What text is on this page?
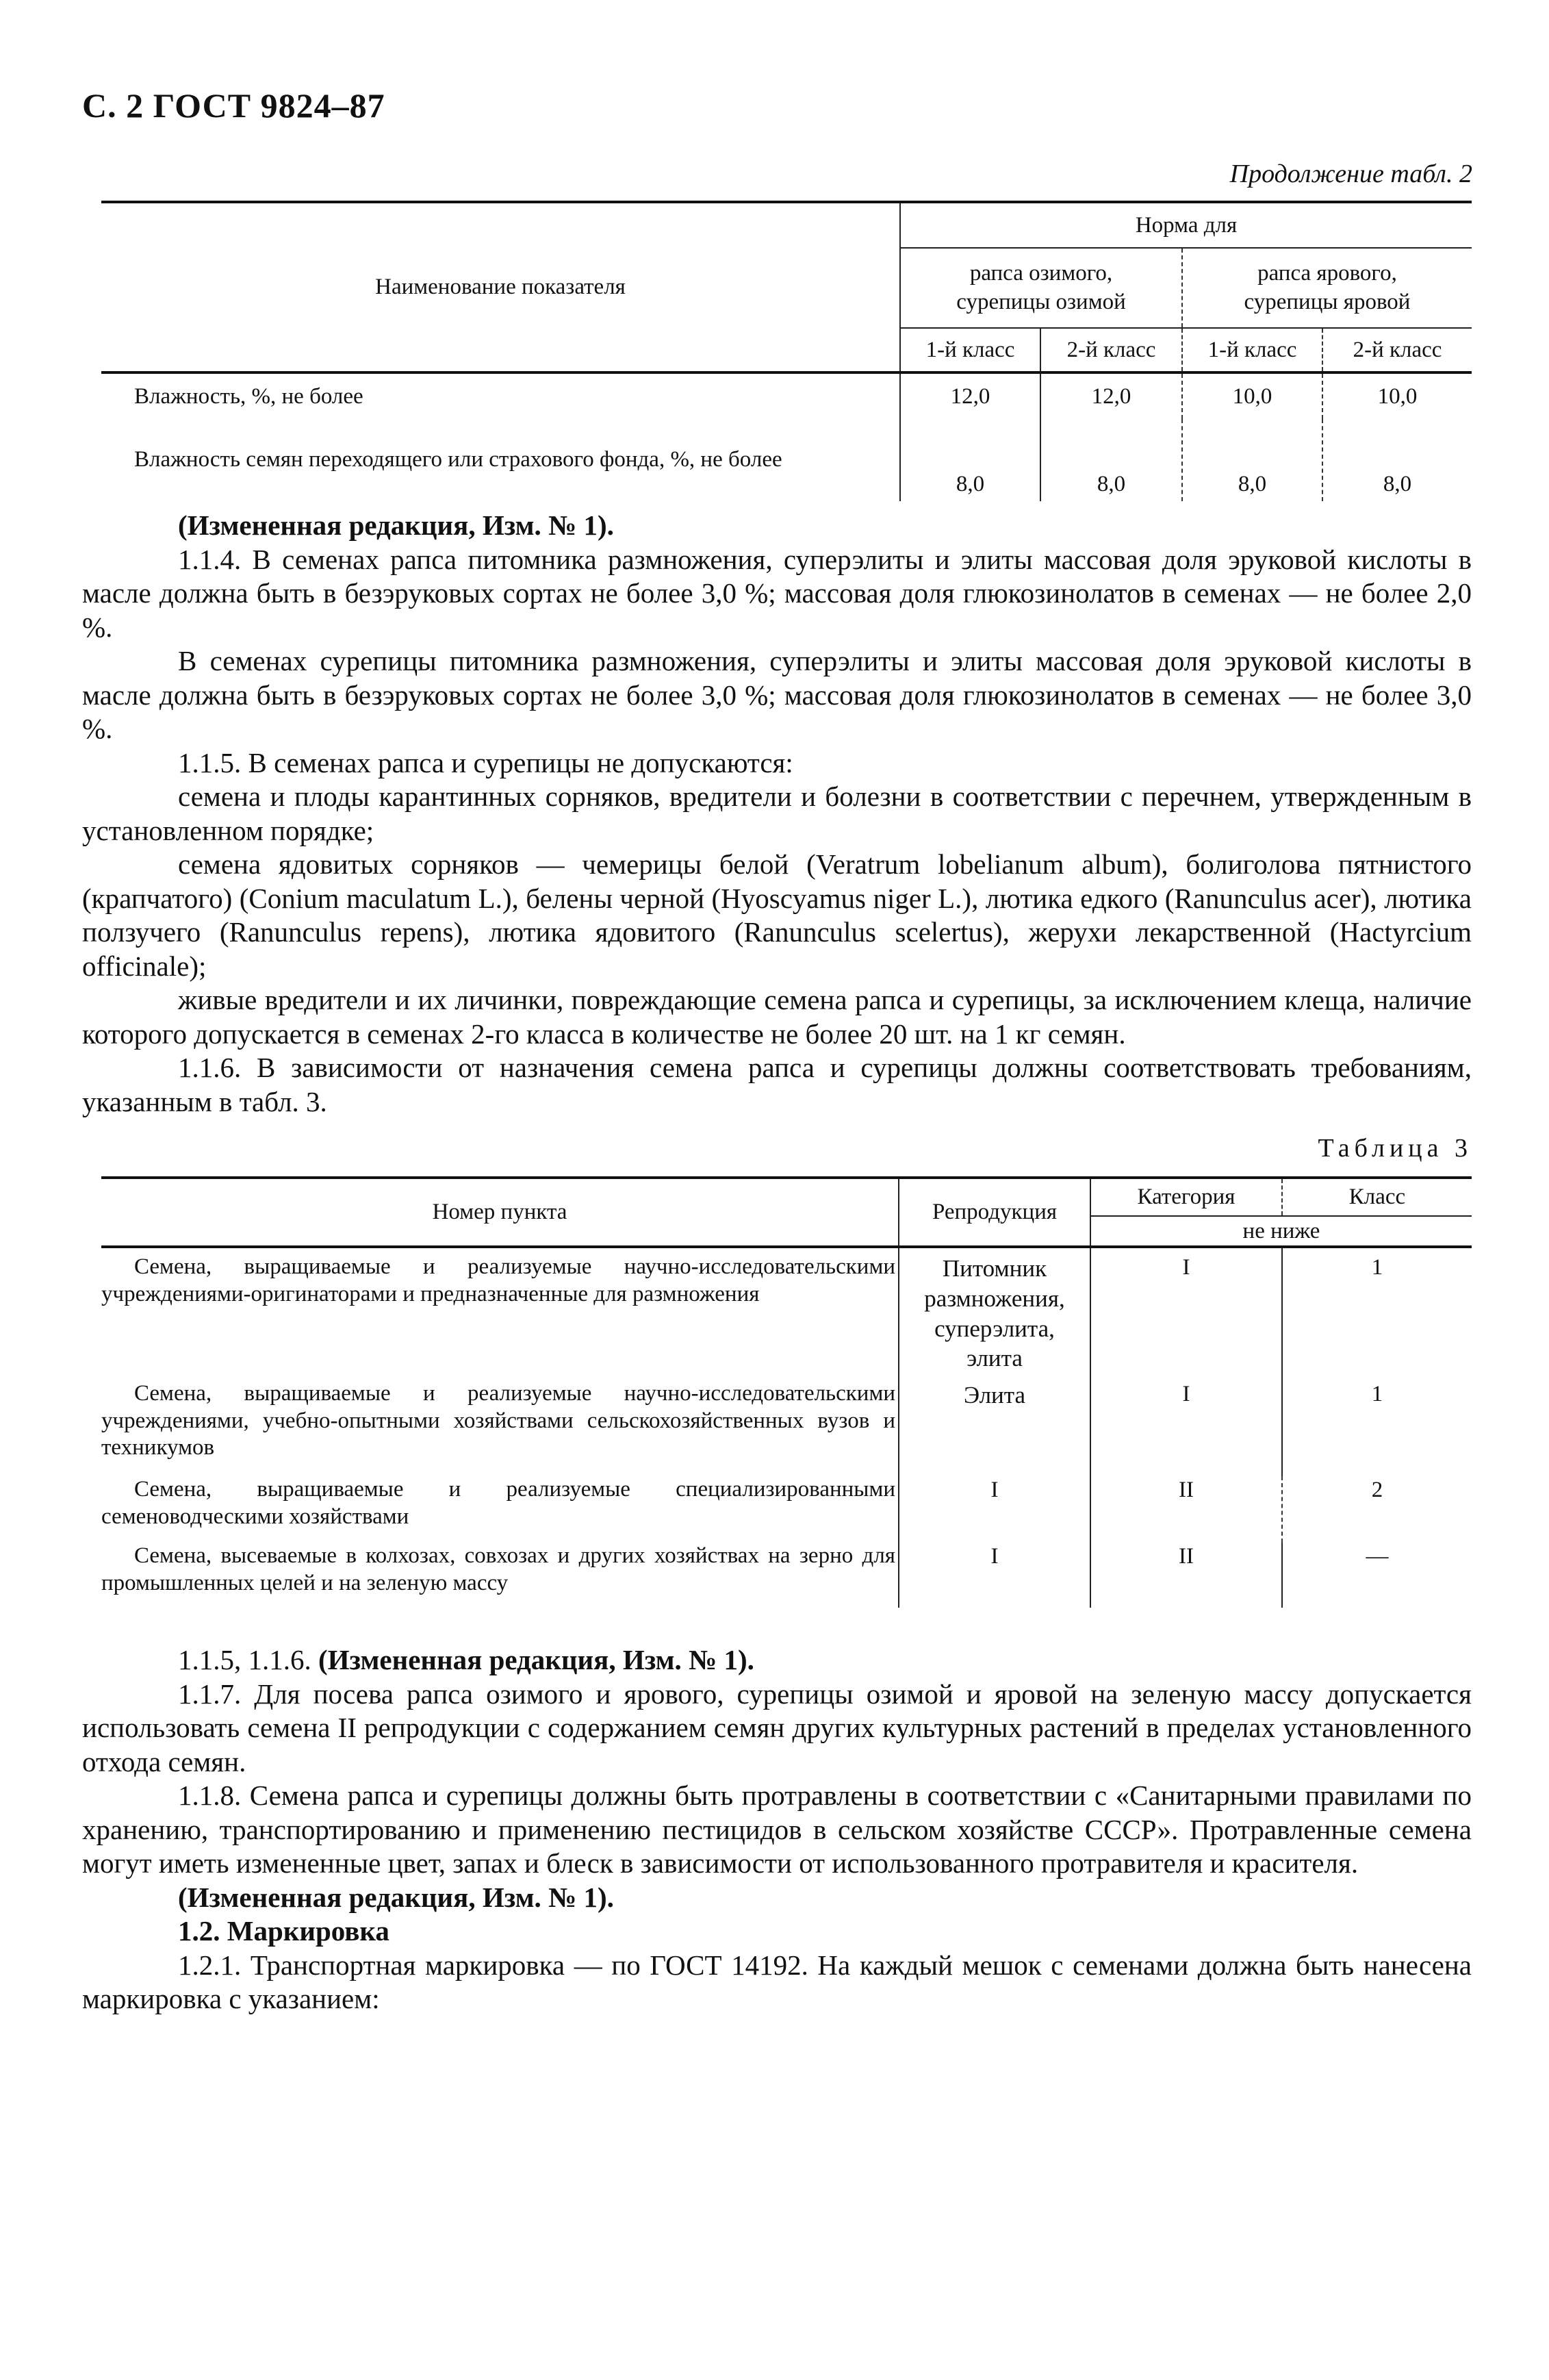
С. 2 ГОСТ 9824–87
Продолжение табл. 2
Наименование показателя	Норма для			
	рапса озимого, сурепицы озимой		рапса ярового, сурепицы яровой	
	1-й класс	2-й класс	1-й класс	2-й класс
Влажность, %, не более	12,0	12,0	10,0	10,0

Влажность семян переходящего или страхового фонда, %, не более	8,0	8,0	8,0	8,0

(Измененная редакция, Изм. № 1).

1.1.4. В семенах рапса питомника размножения, суперэлиты и элиты массовая доля эруковой кислоты в масле должна быть в безэруковых сортах не более 3,0 %; массовая доля глюкозинолатов в семенах — не более 2,0 %.

В семенах сурепицы питомника размножения, суперэлиты и элиты массовая доля эруковой кислоты в масле должна быть в безэруковых сортах не более 3,0 %; массовая доля глюкозинолатов в семенах — не более 3,0 %.

1.1.5. В семенах рапса и сурепицы не допускаются:

семена и плоды карантинных сорняков, вредители и болезни в соответствии с перечнем, утвержденным в установленном порядке;

семена ядовитых сорняков — чемерицы белой (Veratrum lobelianum album), болиголова пятнистого (крапчатого) (Conium maculatum L.), белены черной (Hyoscyamus niger L.), лютика едкого (Ranunculus acer), лютика ползучего (Ranunculus repens), лютика ядовитого (Ranunculus scelertus), жерухи лекарственной (Hactyrcium officinale);

живые вредители и их личинки, повреждающие семена рапса и сурепицы, за исключением клеща, наличие которого допускается в семенах 2-го класса в количестве не более 20 шт. на 1 кг семян.

1.1.6. В зависимости от назначения семена рапса и сурепицы должны соответствовать требованиям, указанным в табл. 3.

Таблица 3
Номер пункта	Репродукция	Категория	Класс
		не ниже	

Семена, выращиваемые и реализуемые научно-исследовательскими учреждениями-оригинаторами и предназначенные для размножения	Питомник размножения, суперэлита, элита	I	1

Семена, выращиваемые и реализуемые научно-исследовательскими учреждениями, учебно-опытными хозяйствами сельскохозяйственных вузов и техникумов	Элита	I	1

Семена, выращиваемые и реализуемые специализированными семеноводческими хозяйствами	I	II	2

Семена, высеваемые в колхозах, совхозах и других хозяйствах на зерно для промышленных целей и на зеленую массу	I	II	—

1.1.5, 1.1.6. (Измененная редакция, Изм. № 1).

1.1.7. Для посева рапса озимого и ярового, сурепицы озимой и яровой на зеленую массу допускается использовать семена II репродукции с содержанием семян других культурных растений в пределах установленного отхода семян.

1.1.8. Семена рапса и сурепицы должны быть протравлены в соответствии с «Санитарными правилами по хранению, транспортированию и применению пестицидов в сельском хозяйстве СССР». Протравленные семена могут иметь измененные цвет, запах и блеск в зависимости от использованного протравителя и красителя.

(Измененная редакция, Изм. № 1).

1.2. Маркировка

1.2.1. Транспортная маркировка — по ГОСТ 14192. На каждый мешок с семенами должна быть нанесена маркировка с указанием:
